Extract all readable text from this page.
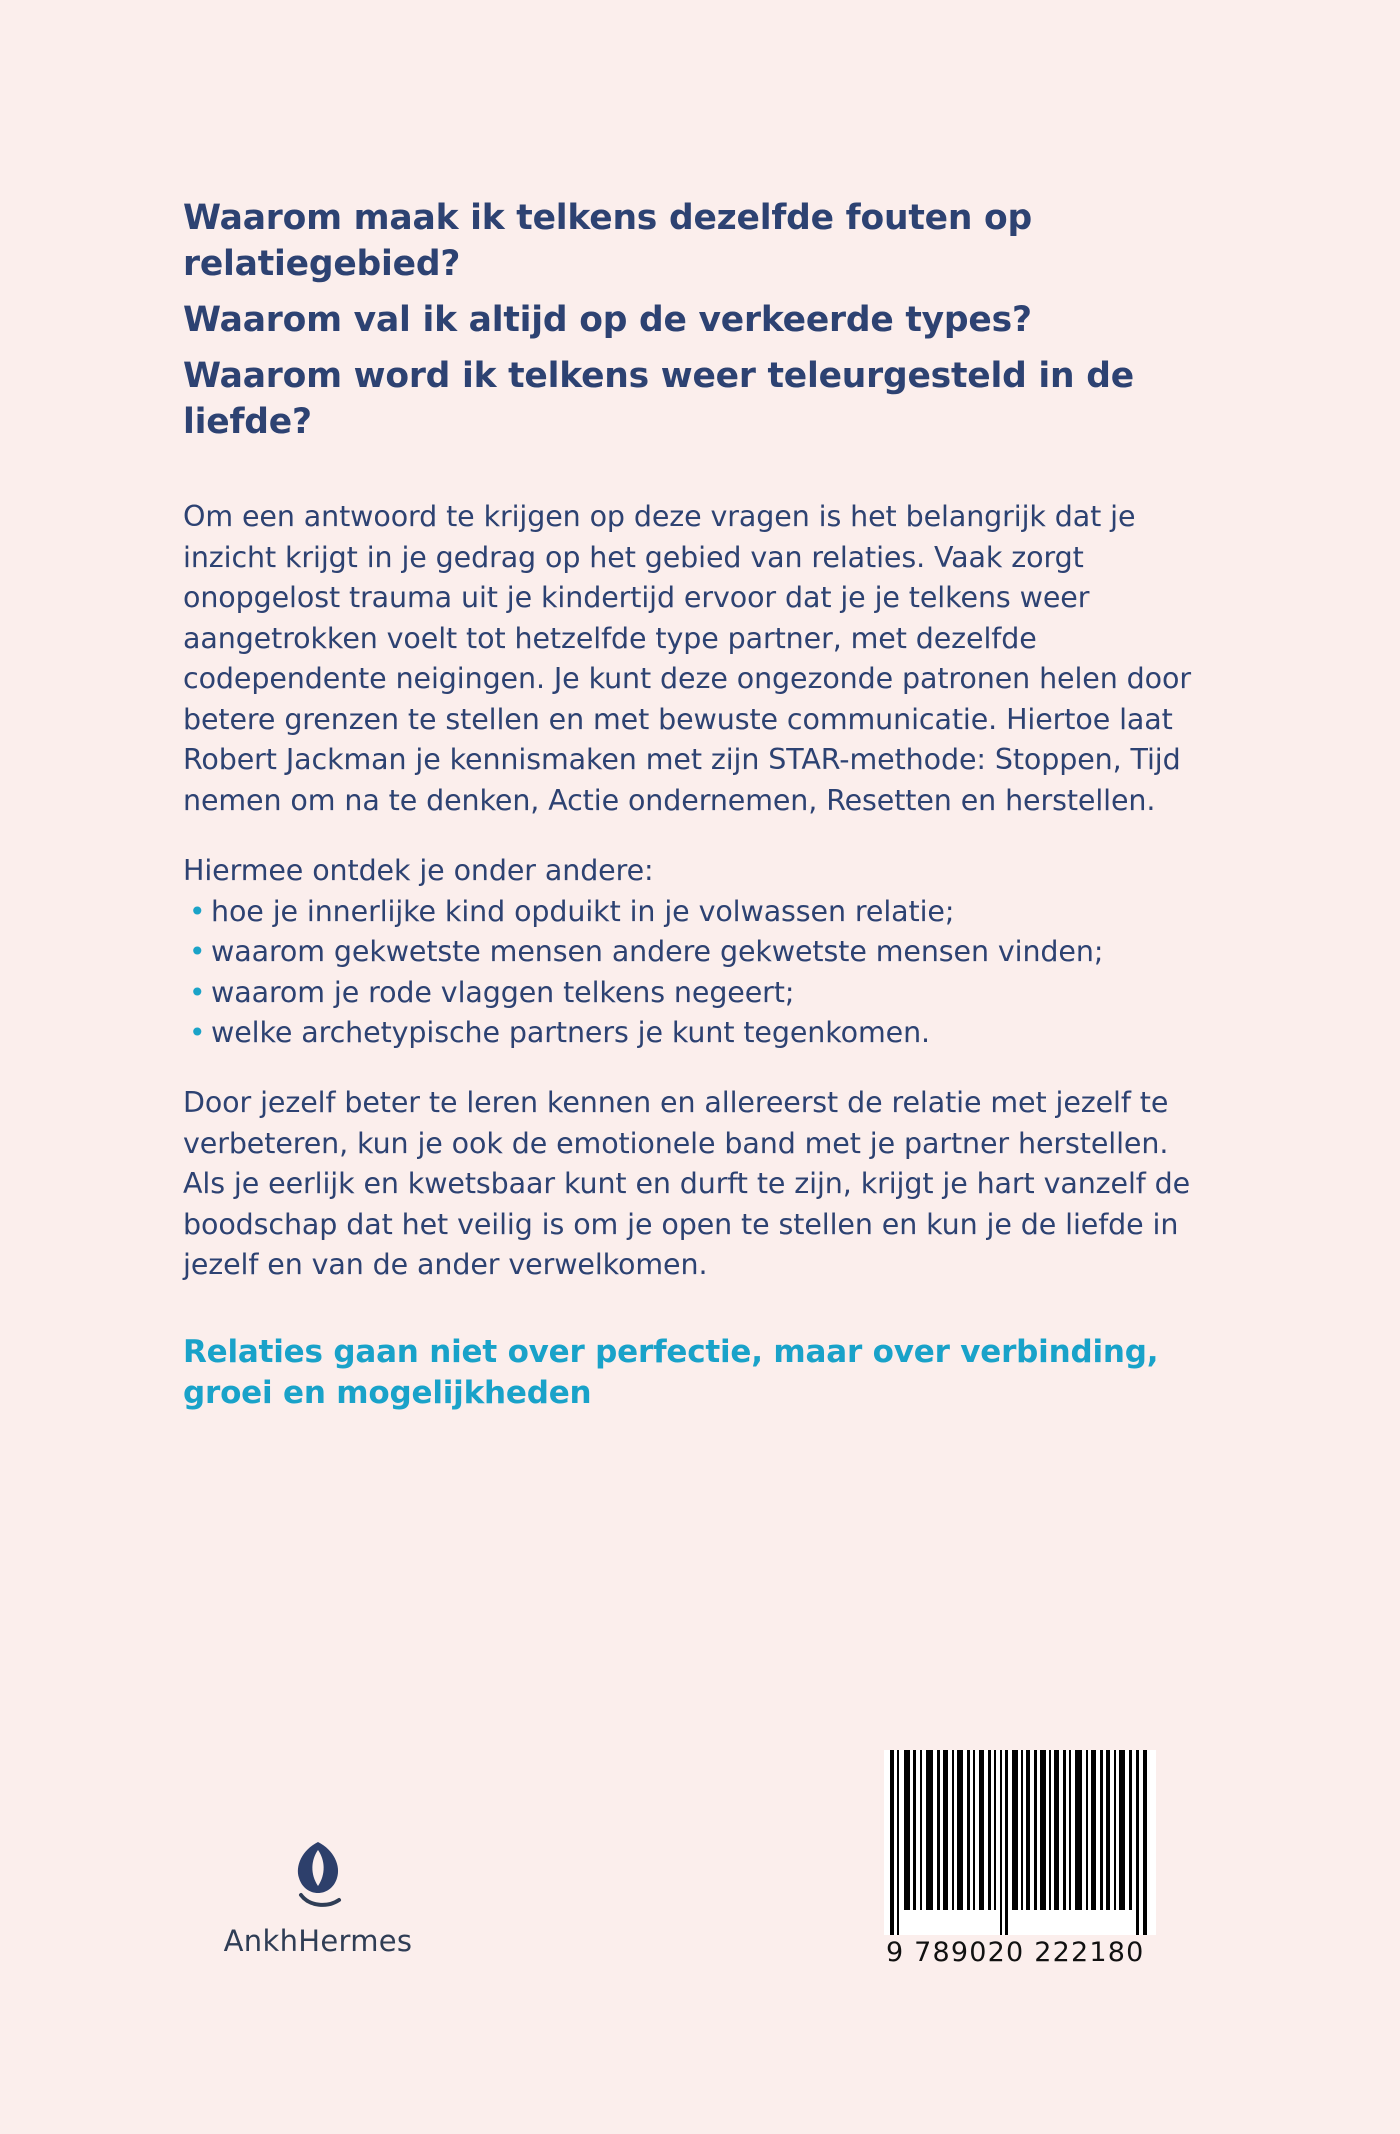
Waarom maak ik telkens dezelfde fouten op relatiegebied?
Waarom val ik altijd op de verkeerde types?
Waarom word ik telkens weer teleurgesteld in de liefde?

Om een antwoord te krijgen op deze vragen is het belangrijk dat je inzicht krijgt in je gedrag op het gebied van relaties. Vaak zorgt onopgelost trauma uit je kindertijd ervoor dat je je telkens weer aangetrokken voelt tot hetzelfde type partner, met dezelfde codependente neigingen. Je kunt deze ongezonde patronen helen door betere grenzen te stellen en met bewuste communicatie. Hiertoe laat Robert Jackman je kennismaken met zijn STAR-methode: Stoppen, Tijd nemen om na te denken, Actie ondernemen, Resetten en herstellen.

Hiermee ontdek je onder andere:

• hoe je innerlijke kind opduikt in je volwassen relatie;
• waarom gekwetste mensen andere gekwetste mensen vinden;
• waarom je rode vlaggen telkens negeert;
• welke archetypische partners je kunt tegenkomen.

Door jezelf beter te leren kennen en allereerst de relatie met jezelf te verbeteren, kun je ook de emotionele band met je partner herstellen. Als je eerlijk en kwetsbaar kunt en durft te zijn, krijgt je hart vanzelf de boodschap dat het veilig is om je open te stellen en kun je de liefde in jezelf en van de ander verwelkomen.

Relaties gaan niet over perfectie, maar over verbinding, groei en mogelijkheden
AnkhHermes	9 789020 222180
